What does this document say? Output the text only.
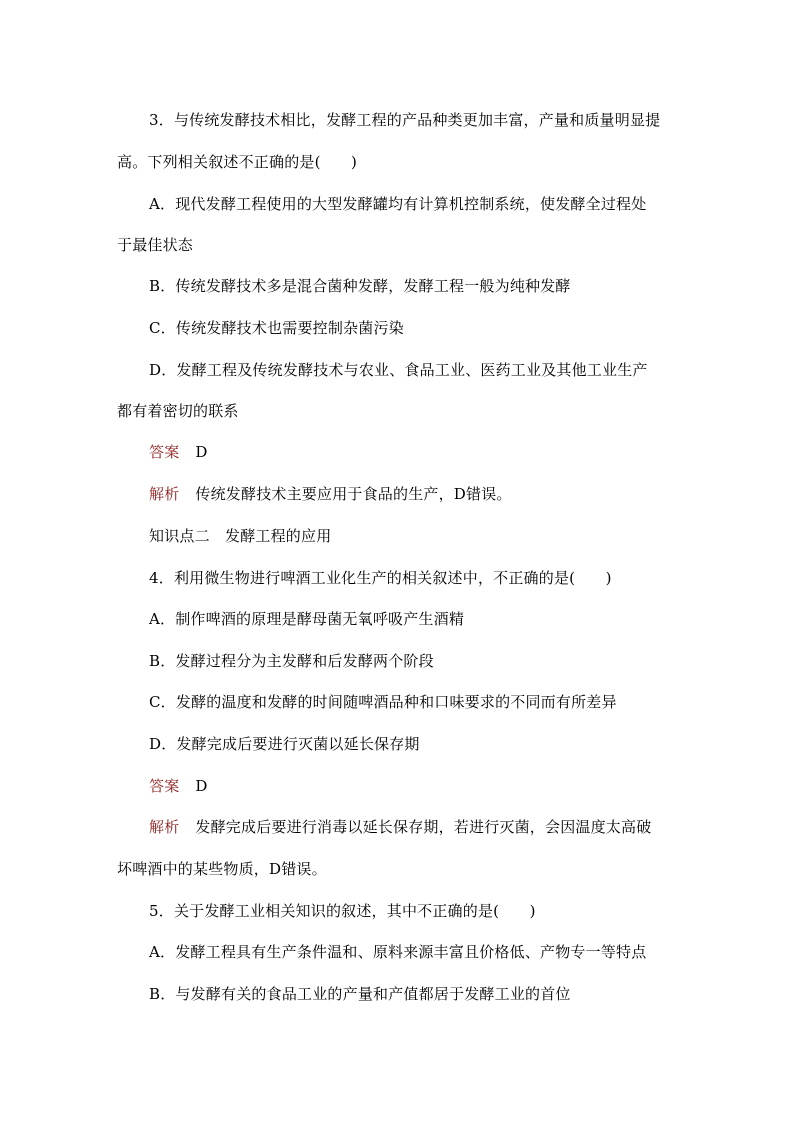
3．与传统发酵技术相比，发酵工程的产品种类更加丰富，产量和质量明显提
高。下列相关叙述不正确的是(　　)
A．现代发酵工程使用的大型发酵罐均有计算机控制系统，使发酵全过程处
于最佳状态
B．传统发酵技术多是混合菌种发酵，发酵工程一般为纯种发酵
C．传统发酵技术也需要控制杂菌污染
D．发酵工程及传统发酵技术与农业、食品工业、医药工业及其他工业生产
都有着密切的联系
答案 D
解析 传统发酵技术主要应用于食品的生产，D错误。
知识点二　发酵工程的应用
4．利用微生物进行啤酒工业化生产的相关叙述中，不正确的是(　　)
A．制作啤酒的原理是酵母菌无氧呼吸产生酒精
B．发酵过程分为主发酵和后发酵两个阶段
C．发酵的温度和发酵的时间随啤酒品种和口味要求的不同而有所差异
D．发酵完成后要进行灭菌以延长保存期
答案 D
解析 发酵完成后要进行消毒以延长保存期，若进行灭菌，会因温度太高破
坏啤酒中的某些物质，D错误。
5．关于发酵工业相关知识的叙述，其中不正确的是(　　)
A．发酵工程具有生产条件温和、原料来源丰富且价格低、产物专一等特点
B．与发酵有关的食品工业的产量和产值都居于发酵工业的首位
